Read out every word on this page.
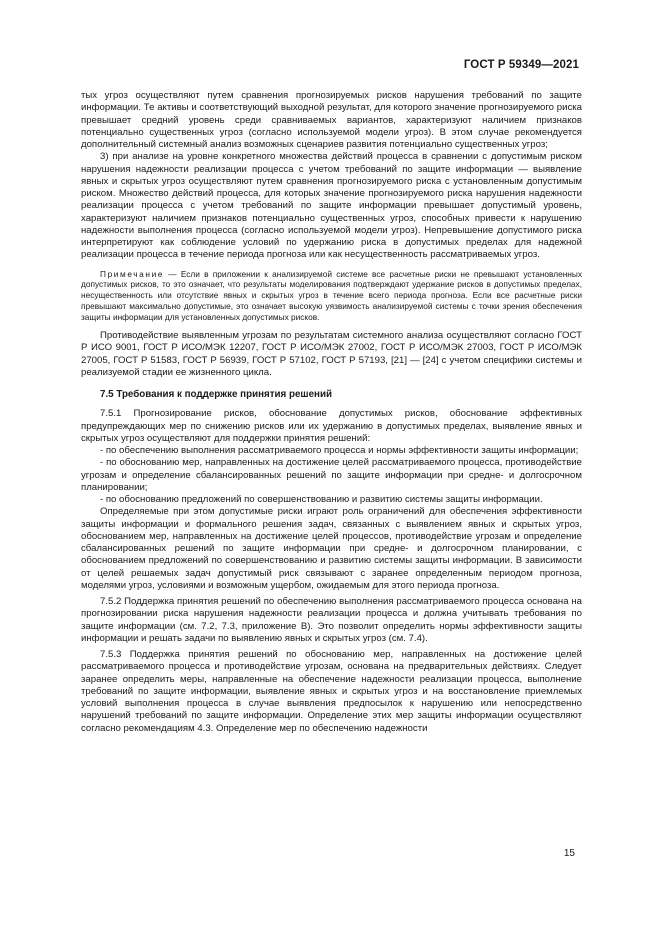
ГОСТ Р 59349—2021

тых угроз осуществляют путем сравнения прогнозируемых рисков нарушения требований по защите информации. Те активы и соответствующий выходной результат, для которого значение прогнозируемого риска превышает средний уровень среди сравниваемых вариантов, характеризуют наличием признаков потенциально существенных угроз (согласно используемой модели угроз). В этом случае рекомендуется дополнительный системный анализ возможных сценариев развития потенциально существенных угроз;

3) при анализе на уровне конкретного множества действий процесса в сравнении с допустимым риском нарушения надежности реализации процесса с учетом требований по защите информации — выявление явных и скрытых угроз осуществляют путем сравнения прогнозируемого риска с установленным допустимым риском. Множество действий процесса, для которых значение прогнозируемого риска нарушения надежности реализации процесса с учетом требований по защите информации превышает допустимый уровень, характеризуют наличием признаков потенциально существенных угроз, способных привести к нарушению надежности выполнения процесса (согласно используемой модели угроз). Непревышение допустимого риска интерпретируют как соблюдение условий по удержанию риска в допустимых пределах для надежной реализации процесса в течение периода прогноза или как несущественность рассматриваемых угроз.

Примечание — Если в приложении к анализируемой системе все расчетные риски не превышают установленных допустимых рисков, то это означает, что результаты моделирования подтверждают удержание рисков в допустимых пределах, несущественность или отсутствие явных и скрытых угроз в течение всего периода прогноза. Если все расчетные риски превышают максимально допустимые, это означает высокую уязвимость анализируемой системы с точки зрения обеспечения защиты информации для установленных допустимых рисков.

Противодействие выявленным угрозам по результатам системного анализа осуществляют согласно ГОСТ Р ИСО 9001, ГОСТ Р ИСО/МЭК 12207, ГОСТ Р ИСО/МЭК 27002, ГОСТ Р ИСО/МЭК 27003, ГОСТ Р ИСО/МЭК 27005, ГОСТ Р 51583, ГОСТ Р 56939, ГОСТ Р 57102, ГОСТ Р 57193, [21] — [24] с учетом специфики системы и реализуемой стадии ее жизненного цикла.

7.5 Требования к поддержке принятия решений

7.5.1 Прогнозирование рисков, обоснование допустимых рисков, обоснование эффективных предупреждающих мер по снижению рисков или их удержанию в допустимых пределах, выявление явных и скрытых угроз осуществляют для поддержки принятия решений:

- по обеспечению выполнения рассматриваемого процесса и нормы эффективности защиты информации;

- по обоснованию мер, направленных на достижение целей рассматриваемого процесса, противодействие угрозам и определение сбалансированных решений по защите информации при средне- и долгосрочном планировании;

- по обоснованию предложений по совершенствованию и развитию системы защиты информации.

Определяемые при этом допустимые риски играют роль ограничений для обеспечения эффективности защиты информации и формального решения задач, связанных с выявлением явных и скрытых угроз, обоснованием мер, направленных на достижение целей процессов, противодействие угрозам и определение сбалансированных решений по защите информации при средне- и долгосрочном планировании, с обоснованием предложений по совершенствованию и развитию системы защиты информации. В зависимости от целей решаемых задач допустимый риск связывают с заранее определенным периодом прогноза, моделями угроз, условиями и возможным ущербом, ожидаемым для этого периода прогноза.

7.5.2 Поддержка принятия решений по обеспечению выполнения рассматриваемого процесса основана на прогнозировании риска нарушения надежности реализации процесса и должна учитывать требования по защите информации (см. 7.2, 7.3, приложение В). Это позволит определить нормы эффективности защиты информации и решать задачи по выявлению явных и скрытых угроз (см. 7.4).

7.5.3 Поддержка принятия решений по обоснованию мер, направленных на достижение целей рассматриваемого процесса и противодействие угрозам, основана на предварительных действиях. Следует заранее определить меры, направленные на обеспечение надежности реализации процесса, выполнение требований по защите информации, выявление явных и скрытых угроз и на восстановление приемлемых условий выполнения процесса в случае выявления предпосылок к нарушению или непосредственно нарушений требований по защите информации. Определение этих мер защиты информации осуществляют согласно рекомендациям 4.3. Определение мер по обеспечению надежности

15
